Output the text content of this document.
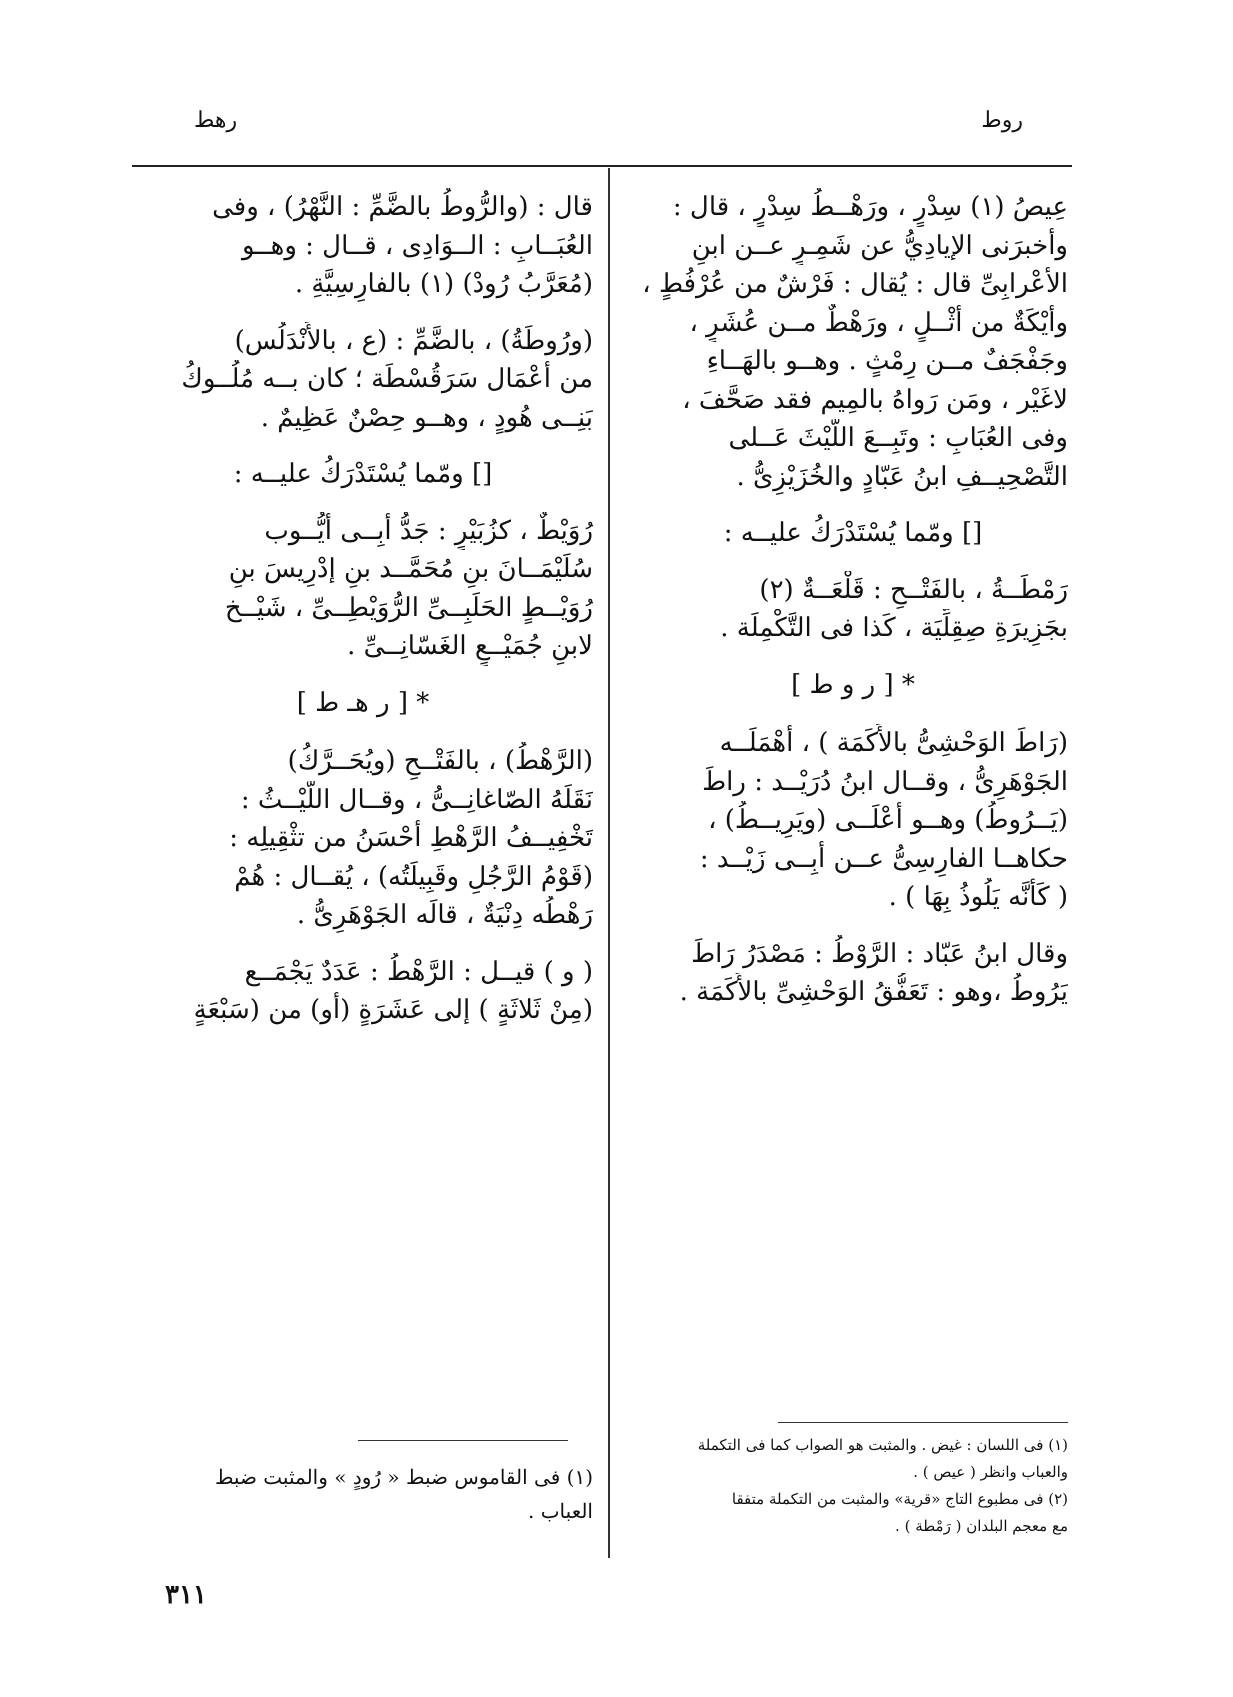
روط
رهط
عِيصُ (١) سِدْرٍ ، ورَهْــطُ سِدْرٍ ، قال :
وأخبرَنى الإيادِيُّ عن شَمِـرٍ عــن ابنِ
الأعْرابِىِّ قال : يُقال : فَرْشٌ من عُرْفُطٍ ،
وأيْكَةٌ من أثْــلٍ ، ورَهْطٌ مــن عُشَرٍ ،
وجَفْجَفٌ مــن رِمْثٍ . وهــو بالهَــاءِ
لاغَيْر ، ومَن رَواهُ بالمِيم فقد صَحَّفَ ،
وفى العُبَابِ : وتَبِــعَ اللَّيْثَ عَــلى
التَّصْحِيــفِ ابنُ عَبّادٍ والخُزَيْزِىُّ .
[] ومّما يُسْتَدْرَكُ عليــه :
رَمْطَــةُ ، بالفَتْــحِ : قَلْعَــةٌ (٢)
بجَزِيرَةِ صِقِلِّيَة ، كَذا فى التَّكْمِلَة .
* [ ر و ط ]
(رَاطَ الوَحْشِىُّ بالأَكَمَة ) ، أهْمَلَــه
الجَوْهَرِىُّ ، وقــال ابنُ دُرَيْــد : راطَ
(يَــرُوطُ) وهــو أعْلَــى (ويَرِيــطُ) ،
حكاهــا الفارِسِىُّ عــن أَبِــى زَيْــد :
( كَأَنَّه يَلُوذُ بِهَا ) .
وقال ابنُ عَبّاد : الرَّوْطُ : مَصْدَرُ رَاطَ
يَرُوطُ ،وهو : تَعَفُّقُ الوَحْشِىِّ بالأَكَمَة .
(١) فى اللسان : غيض . والمثبت هو الصواب كما فى التكملة
والعباب وانظر ( عيص ) .
(٢) فى مطبوع التاج «قرية» والمثبت من التكملة متفقا
مع معجم البلدان ( رَمْطة ) .
قال : (والرُّوطُ بالضَّمِّ : النَّهْرُ) ، وفى
العُبَــابِ : الــوَادِى ، قــال : وهــو
(مُعَرَّبُ رُودْ) (١) بالفارِسِيَّةِ .
(ورُوطَةُ) ، بالضَّمِّ : (ع ، بالأَنْدَلُس)
من أعْمَال سَرَقُسْطَة ؛ كان بــه مُلُــوكُ
بَنِــى هُودٍ ، وهــو حِصْنٌ عَظِيمٌ .
[] ومّما يُسْتَدْرَكُ عليــه :
رُوَيْطٌ ، كزُبَيْرٍ : جَدُّ أَبِــى أَيُّــوب
سُلَيْمَــانَ بنِ مُحَمَّــد بنِ إدْرِيسَ بنِ
رُوَيْــطٍ الحَلَبِــىِّ الرُّوَيْطِــىِّ ، شَيْــخ
لابنِ جُمَيْــعٍ الغَسّانِــىِّ .
* [ ر هـ ط ]
(الرَّهْطُ) ، بالفَتْــحِ (ويُحَــرَّكُ)
نَقَلَهُ الصّاغانِــىُّ ، وقــال اللَّيْــثُ :
تَخْفِيــفُ الرَّهْطِ أَحْسَنُ من تثْقِيلِه :
(قَوْمُ الرَّجُلِ وقَبِيلَتُه) ، يُقــال : هُمْ
رَهْطُه دِنْيَةٌ ، قالَه الجَوْهَرِىُّ .
( و ) قيــل : الرَّهْطُ : عَدَدٌ يَجْمَــع
(مِنْ ثَلاثَةٍ ) إلى عَشَرَةٍ (أَو) من (سَبْعَةٍ
(١) فى القاموس ضبط « رُودٍ » والمثبت ضبط
العباب .
٣١١
